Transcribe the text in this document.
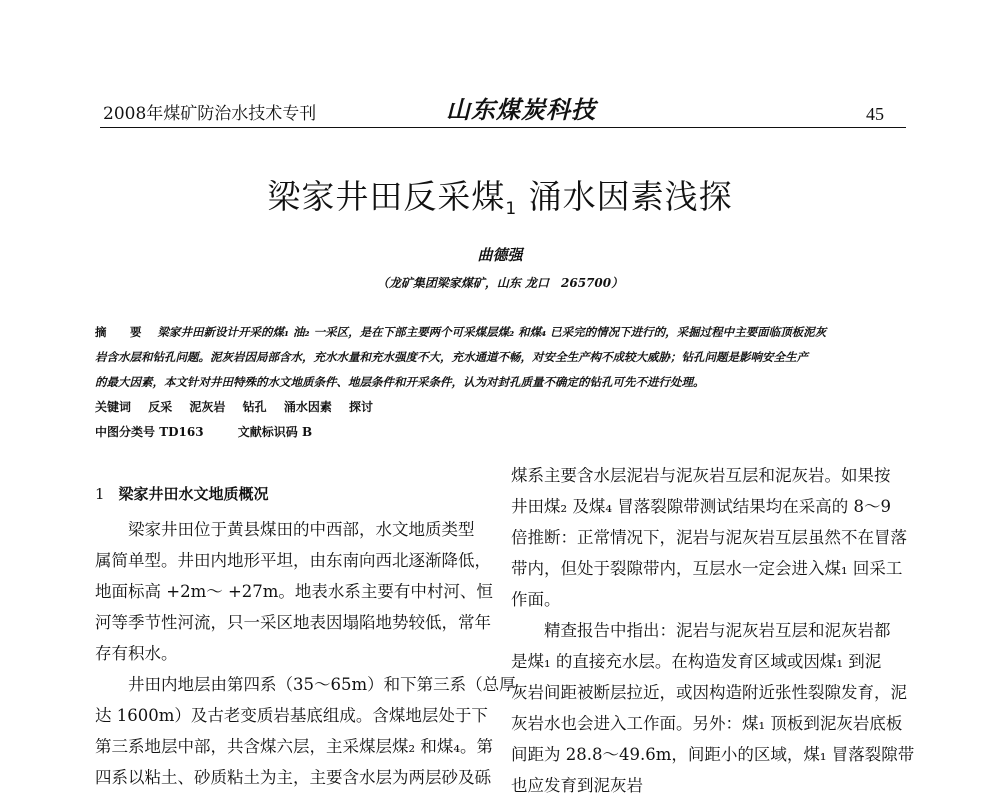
2008年煤矿防治水技术专刊	山东煤炭科技	45
梁家井田反采煤$_1$ 涌水因素浅探
曲德强
（龙矿集团梁家煤矿，山东 龙口　265700）
摘　要 梁家井田新设计开采的煤₁ 油₂ 一采区，是在下部主要两个可采煤层煤₂ 和煤₄ 已采完的情况下进行的，采掘过程中主要面临顶板泥灰
岩含水层和钻孔问题。泥灰岩因局部含水，充水水量和充水强度不大，充水通道不畅，对安全生产构不成较大威胁；钻孔问题是影响安全生产
的最大因素，本文针对井田特殊的水文地质条件、地层条件和开采条件，认为对封孔质量不确定的钻孔可先不进行处理。
关键词 反采 泥灰岩 钻孔 涌水因素 探讨
中图分类号 TD163	文献标识码 B
1 梁家井田水文地质概况
梁家井田位于黄县煤田的中西部，水文地质类型
属简单型。井田内地形平坦，由东南向西北逐渐降低，
地面标高 +2m～ +27m。地表水系主要有中村河、恒
河等季节性河流，只一采区地表因塌陷地势较低，常年
存有积水。
井田内地层由第四系（35～65m）和下第三系（总厚
达 1600m）及古老变质岩基底组成。含煤地层处于下
第三系地层中部，共含煤六层，主采煤层煤₂ 和煤₄。第
四系以粘土、砂质粘土为主，主要含水层为两层砂及砾
煤系主要含水层泥岩与泥灰岩互层和泥灰岩。如果按
井田煤₂ 及煤₄ 冒落裂隙带测试结果均在采高的 8～9
倍推断：正常情况下，泥岩与泥灰岩互层虽然不在冒落
带内，但处于裂隙带内，互层水一定会进入煤₁ 回采工
作面。
精查报告中指出：泥岩与泥灰岩互层和泥灰岩都
是煤₁ 的直接充水层。在构造发育区域或因煤₁ 到泥
灰岩间距被断层拉近，或因构造附近张性裂隙发育，泥
灰岩水也会进入工作面。另外：煤₁ 顶板到泥灰岩底板
间距为 28.8～49.6m，间距小的区域，煤₁ 冒落裂隙带
也应发育到泥灰岩
